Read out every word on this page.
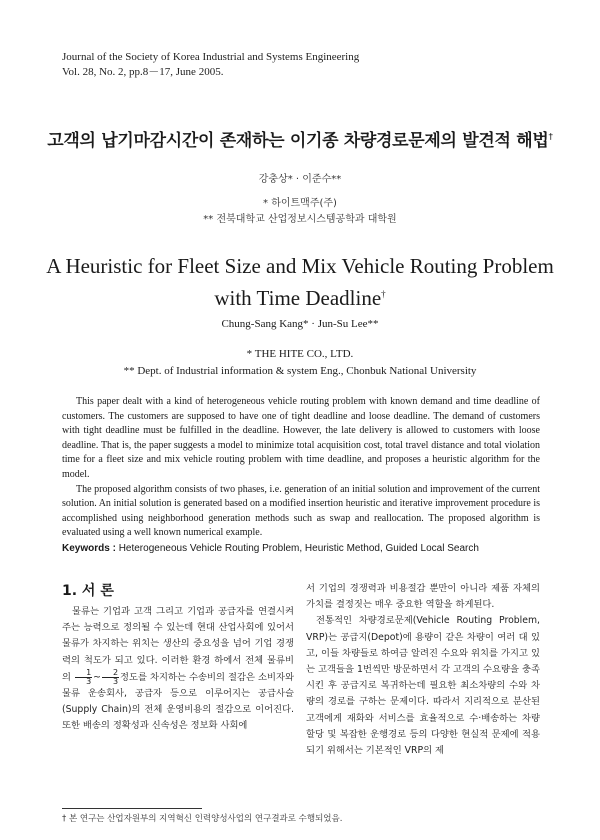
Journal of the Society of Korea Industrial and Systems Engineering
Vol. 28, No. 2, pp.8－17, June 2005.
고객의 납기마감시간이 존재하는 이기종 차량경로문제의 발견적 해법†
강충상* · 이준수**
* 하이트맥주(주)
** 전북대학교 산업정보시스템공학과 대학원
A Heuristic for Fleet Size and Mix Vehicle Routing Problem
with Time Deadline†
Chung-Sang Kang* · Jun-Su Lee**
* THE HITE CO., LTD.
** Dept. of Industrial information & system Eng., Chonbuk National University

This paper dealt with a kind of heterogeneous vehicle routing problem with known demand and time deadline of customers. The customers are supposed to have one of tight deadline and loose deadline. The demand of customers with tight deadline must be fulfilled in the deadline. However, the late delivery is allowed to customers with loose deadline. That is, the paper suggests a model to minimize total acquisition cost, total travel distance and total violation time for a fleet size and mix vehicle routing problem with time deadline, and proposes a heuristic algorithm for the model.

The proposed algorithm consists of two phases, i.e. generation of an initial solution and improvement of the current solution. An initial solution is generated based on a modified insertion heuristic and iterative improvement procedure is accomplished using neighborhood generation methods such as swap and reallocation. The proposed algorithm is evaluated using a well known numerical example.

Keywords : Heterogeneous Vehicle Routing Problem, Heuristic Method, Guided Local Search
1. 서 론

물류는 기업과 고객 그리고 기업과 공급자를 연결시켜 주는 능력으로 정의될 수 있는데 현대 산업사회에 있어서 물류가 차지하는 위치는 생산의 중요성을 넘어 기업 경쟁력의 척도가 되고 있다. 이러한 환경 하에서 전체 물류비의 $\frac{1}{3}$ ~ $\frac{2}{3}$ 정도를 차지하는 수송비의 절감은 소비자와 물류 운송회사, 공급자 등으로 이루어지는 공급사슬(Supply Chain)의 전체 운영비용의 절감으로 이어진다. 또한 배송의 정확성과 신속성은 정보화 사회에

서 기업의 경쟁력과 비용절감 뿐만이 아니라 제품 자체의 가치를 결정짓는 매우 중요한 역할을 하게된다.

전통적인 차량경로문제(Vehicle Routing Problem, VRP)는 공급지(Depot)에 용량이 같은 차량이 여러 대 있고, 이들 차량들로 하여금 알려진 수요와 위치를 가지고 있는 고객들을 1번씩만 방문하면서 각 고객의 수요량을 충족시킨 후 공급지로 복귀하는데 필요한 최소차량의 수와 차량의 경로를 구하는 문제이다. 따라서 지리적으로 분산된 고객에게 재화와 서비스를 효율적으로 수·배송하는 차량 할당 및 복잡한 운행경로 등의 다양한 현실적 문제에 적용되기 위해서는 기본적인 VRP의 제

† 본 연구는 산업자원부의 지역혁신 인력양성사업의 연구결과로 수행되었음.
